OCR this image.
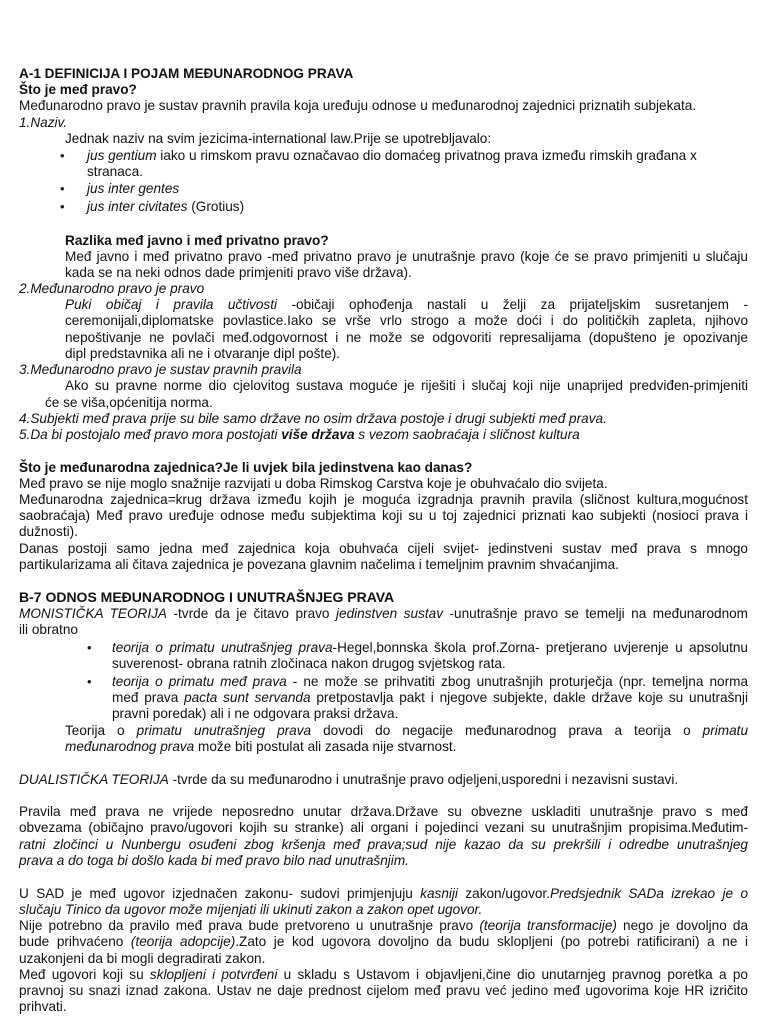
A-1 DEFINICIJA I POJAM MEĐUNARODNOG PRAVA
Što je međ pravo?
Međunarodno pravo je sustav pravnih pravila koja uređuju odnose u međunarodnoj zajednici priznatih subjekata.
1.Naziv.
Jednak naziv na svim jezicima-international law.Prije se upotrebljavalo:
• jus gentium iako u rimskom pravu označavao dio domaćeg privatnog prava između rimskih građana x
stranaca.
• jus inter gentes
• jus inter civitates (Grotius)
Razlika međ javno i međ privatno pravo?
Međ javno i međ privatno pravo -međ privatno pravo je unutrašnje pravo (koje će se pravo primjeniti u slučaju
kada se na neki odnos dade primjeniti pravo više država).
2.Međunarodno pravo je pravo
Puki običaj i pravila učtivosti -običaji ophođenja nastali u želji za prijateljskim susretanjem -
ceremonijali,diplomatske povlastice.Iako se vrše vrlo strogo a može doći i do političkih zapleta, njihovo
nepoštivanje ne povlači međ.odgovornost i ne može se odgovoriti represalijama (dopušteno je opozivanje
dipl predstavnika ali ne i otvaranje dipl pošte).
3.Međunarodno pravo je sustav pravnih pravila
Ako su pravne norme dio cjelovitog sustava moguće je riješiti i slučaj koji nije unaprijed predviđen-primjeniti
će se viša,općenitija norma.
4.Subjekti međ prava prije su bile samo države no osim država postoje i drugi subjekti međ prava.
5.Da bi postojalo međ pravo mora postojati više država s vezom saobraćaja i sličnost kultura
Što je međunarodna zajednica?Je li uvjek bila jedinstvena kao danas?
Međ pravo se nije moglo snažnije razvijati u doba Rimskog Carstva koje je obuhvaćalo dio svijeta.
Međunarodna zajednica=krug država između kojih je moguća izgradnja pravnih pravila (sličnost kultura,mogućnost
saobraćaja) Međ pravo uređuje odnose među subjektima koji su u toj zajednici priznati kao subjekti (nosioci prava i
dužnosti).
Danas postoji samo jedna međ zajednica koja obuhvaća cijeli svijet- jedinstveni sustav međ prava s mnogo
partikularizama ali čitava zajednica je povezana glavnim načelima i temeljnim pravnim shvaćanjima.
B-7 ODNOS MEĐUNARODNOG I UNUTRAŠNJEG PRAVA
MONISTIČKA TEORIJA -tvrde da je čitavo pravo jedinstven sustav -unutrašnje pravo se temelji na međunarodnom
ili obratno
• teorija o primatu unutrašnjeg prava-Hegel,bonnska škola prof.Zorna- pretjerano uvjerenje u apsolutnu
suverenost- obrana ratnih zločinaca nakon drugog svjetskog rata.
• teorija o primatu međ prava - ne može se prihvatiti zbog unutrašnjih proturječja (npr. temeljna norma
međ prava pacta sunt servanda pretpostavlja pakt i njegove subjekte, dakle države koje su unutrašnji
pravni poredak) ali i ne odgovara praksi država.
Teorija o primatu unutrašnjeg prava dovodi do negacije međunarodnog prava a teorija o primatu
međunarodnog prava može biti postulat ali zasada nije stvarnost.
DUALISTIČKA TEORIJA -tvrde da su međunarodno i unutrašnje pravo odjeljeni,usporedni i nezavisni sustavi.
Pravila međ prava ne vrijede neposredno unutar država.Države su obvezne uskladiti unutrašnje pravo s međ
obvezama (običajno pravo/ugovori kojih su stranke) ali organi i pojedinci vezani su unutrašnjim propisima.Međutim-
ratni zločinci u Nunbergu osuđeni zbog kršenja međ prava;sud nije kazao da su prekršili i odredbe unutrašnjeg
prava a do toga bi došlo kada bi međ pravo bilo nad unutrašnjim.
U SAD je međ ugovor izjednačen zakonu- sudovi primjenjuju kasniji zakon/ugovor.Predsjednik SADa izrekao je o
slučaju Tinico da ugovor može mijenjati ili ukinuti zakon a zakon opet ugovor.
Nije potrebno da pravilo međ prava bude pretvoreno u unutrašnje pravo (teorija transformacije) nego je dovoljno da
bude prihvaćeno (teorija adopcije).Zato je kod ugovora dovoljno da budu sklopljeni (po potrebi ratificirani) a ne i
uzakonjeni da bi mogli degradirati zakon.
Međ ugovori koji su sklopljeni i potvrđeni u skladu s Ustavom i objavljeni,čine dio unutarnjeg pravnog poretka a po
pravnoj su snazi iznad zakona. Ustav ne daje prednost cijelom međ pravu već jedino međ ugovorima koje HR izričito
prihvati.
